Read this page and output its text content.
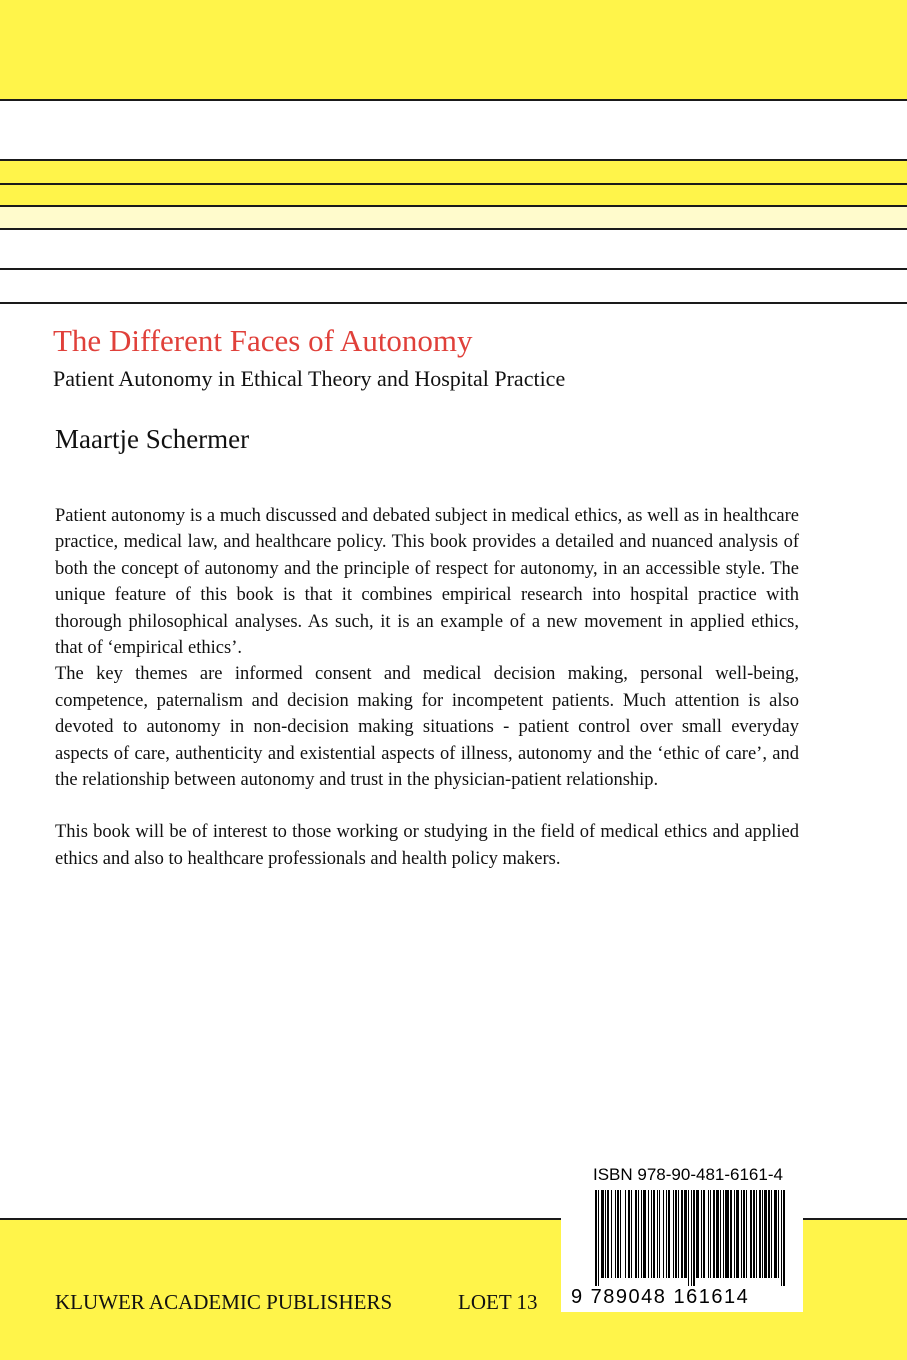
The Different Faces of Autonomy
Patient Autonomy in Ethical Theory and Hospital Practice
Maartje Schermer

Patient autonomy is a much discussed and debated subject in medical ethics, as well as in healthcare practice, medical law, and healthcare policy. This book provides a detailed and nuanced analysis of both the concept of autonomy and the principle of respect for autonomy, in an accessible style. The unique feature of this book is that it combines empirical research into hospital practice with thorough philosophical analyses. As such, it is an example of a new movement in applied ethics, that of ‘empirical ethics’.

The key themes are informed consent and medical decision making, personal well-being, competence, paternalism and decision making for incompetent patients. Much attention is also devoted to autonomy in non-decision making situations - patient control over small everyday aspects of care, authenticity and existential aspects of illness, autonomy and the ‘ethic of care’, and the relationship between autonomy and trust in the physician-patient relationship.

This book will be of interest to those working or studying in the field of medical ethics and applied ethics and also to healthcare professionals and health policy makers.

KLUWER ACADEMIC PUBLISHERS	LOET 13
ISBN 978-90-481-6161-4
9 789048 161614
